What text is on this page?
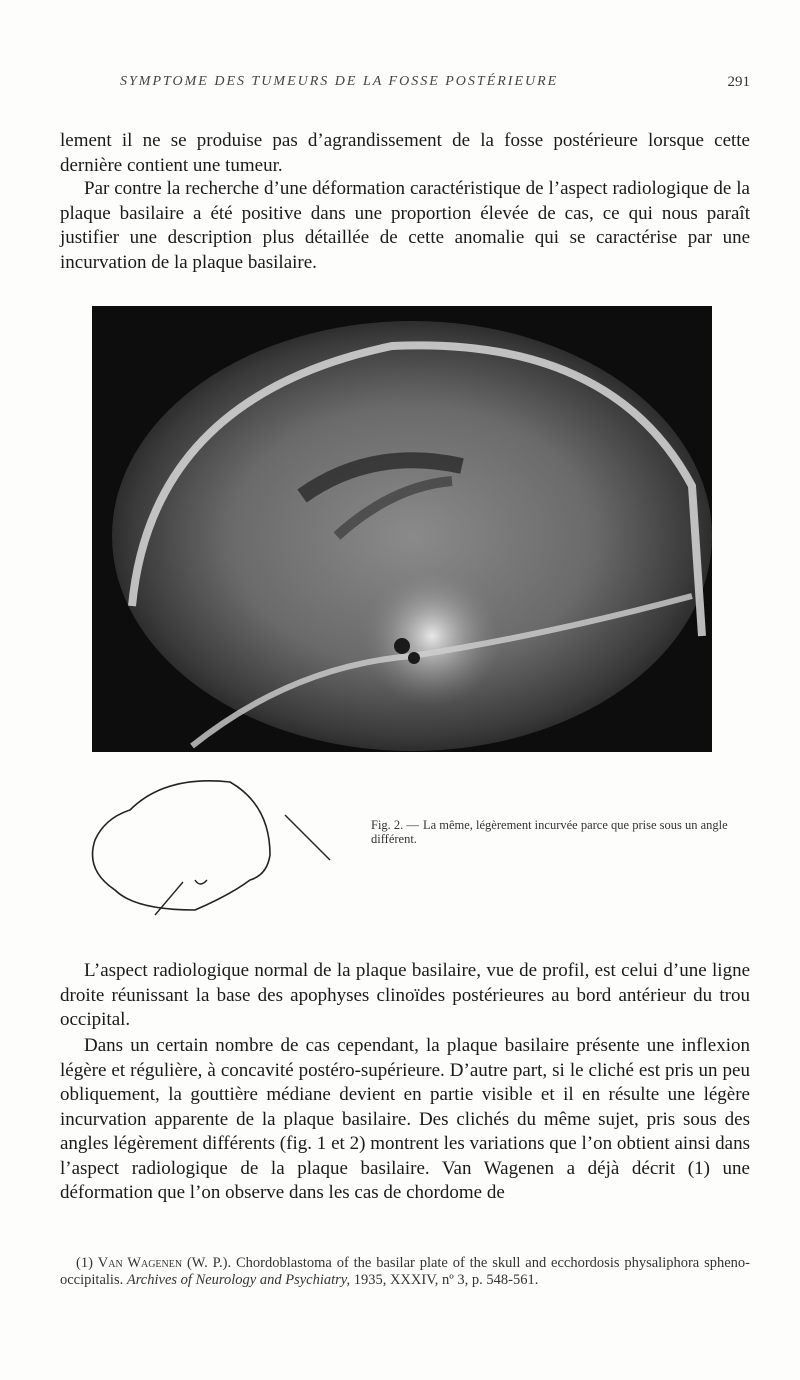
SYMPTOME DES TUMEURS DE LA FOSSE POSTÉRIEURE	291

lement il ne se produise pas d’agrandissement de la fosse postérieure lorsque cette dernière contient une tumeur.

Par contre la recherche d’une déformation caractéristique de l’aspect radiologique de la plaque basilaire a été positive dans une proportion élevée de cas, ce qui nous paraît justifier une description plus détaillée de cette anomalie qui se caractérise par une incurvation de la plaque basilaire.

Fig. 2. — La même, légèrement incurvée parce que prise sous un angle différent.

L’aspect radiologique normal de la plaque basilaire, vue de profil, est celui d’une ligne droite réunissant la base des apophyses clinoïdes postérieures au bord antérieur du trou occipital.

Dans un certain nombre de cas cependant, la plaque basilaire présente une inflexion légère et régulière, à concavité postéro-supérieure. D’autre part, si le cliché est pris un peu obliquement, la gouttière médiane devient en partie visible et il en résulte une légère incurvation apparente de la plaque basilaire. Des clichés du même sujet, pris sous des angles légèrement différents (fig. 1 et 2) montrent les variations que l’on obtient ainsi dans l’aspect radiologique de la plaque basilaire. Van Wagenen a déjà décrit (1) une déformation que l’on observe dans les cas de chordome de

(1) Van Wagenen (W. P.). Chordoblastoma of the basilar plate of the skull and ecchordosis physaliphora spheno-occipitalis. Archives of Neurology and Psychiatry, 1935, XXXIV, nº 3, p. 548-561.
